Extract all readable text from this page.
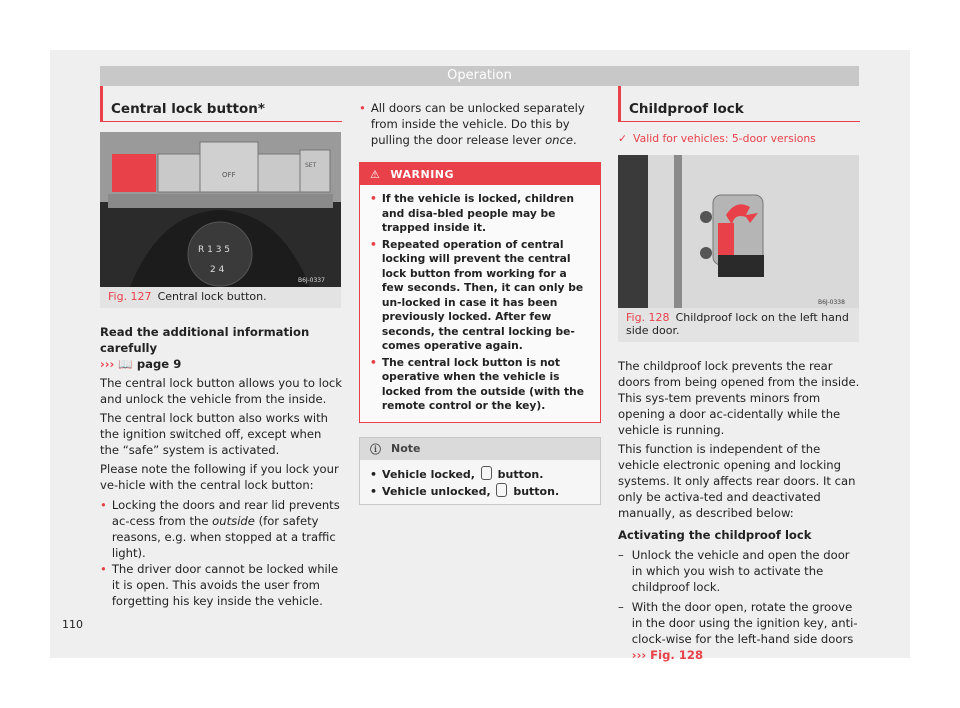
Operation
Central lock button*
OFF
SET
R 1 3 5
2 4
B6J-0337
Fig. 127 Central lock button.

Read the additional information carefully

››› 📖 page 9

The central lock button allows you to lock and unlock the vehicle from the inside.

The central lock button also works with the ignition switched off, except when the “safe” system is activated.

Please note the following if you lock your ve-hicle with the central lock button:

• Locking the doors and rear lid prevents ac-cess from the outside (for safety reasons, e.g. when stopped at a traffic light).
• The driver door cannot be locked while it is open. This avoids the user from forgetting his key inside the vehicle.
• All doors can be unlocked separately from inside the vehicle. Do this by pulling the door release lever once.
⚠ WARNING
• If the vehicle is locked, children and disa-bled people may be trapped inside it.
• Repeated operation of central locking will prevent the central lock button from working for a few seconds. Then, it can only be un-locked in case it has been previously locked. After few seconds, the central locking be-comes operative again.
• The central lock button is not operative when the vehicle is locked from the outside (with the remote control or the key).
ⓘ Note
• Vehicle locked, button.
• Vehicle unlocked, button.
Childproof lock
✓ Valid for vehicles: 5-door versions
B6J-0338
Fig. 128 Childproof lock on the left hand side door.

The childproof lock prevents the rear doors from being opened from the inside. This sys-tem prevents minors from opening a door ac-cidentally while the vehicle is running.

This function is independent of the vehicle electronic opening and locking systems. It only affects rear doors. It can only be activa-ted and deactivated manually, as described below:

Activating the childproof lock

– Unlock the vehicle and open the door in which you wish to activate the childproof lock.
– With the door open, rotate the groove in the door using the ignition key, anti-clock-wise for the left-hand side doors ››› Fig. 128
110
